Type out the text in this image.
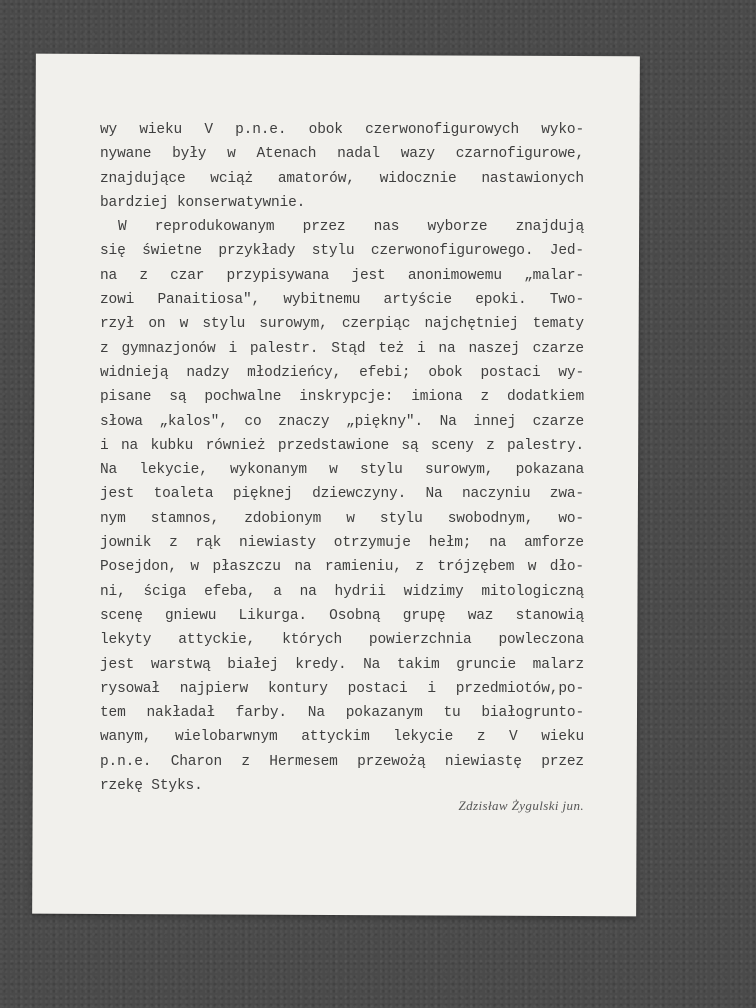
wy wieku V p.n.e. obok czerwonofigurowych wyko-
nywane były w Atenach nadal wazy czarnofigurowe,
znajdujące wciąż amatorów, widocznie nastawionych
bardziej konserwatywnie.
W reprodukowanym przez nas wyborze znajdują
się świetne przykłady stylu czerwonofigurowego. Jed-
na z czar przypisywana jest anonimowemu „malar-
zowi Panaitiosa", wybitnemu artyście epoki. Two-
rzył on w stylu surowym, czerpiąc najchętniej tematy
z gymnazjonów i palestr. Stąd też i na naszej czarze
widnieją nadzy młodzieńcy, efebi; obok postaci wy-
pisane są pochwalne inskrypcje: imiona z dodatkiem
słowa „kalos", co znaczy „piękny". Na innej czarze
i na kubku również przedstawione są sceny z palestry.
Na lekycie, wykonanym w stylu surowym, pokazana
jest toaleta pięknej dziewczyny. Na naczyniu zwa-
nym stamnos, zdobionym w stylu swobodnym, wo-
jownik z rąk niewiasty otrzymuje hełm; na amforze
Posejdon, w płaszczu na ramieniu, z trójzębem w dło-
ni, ściga efeba, a na hydrii widzimy mitologiczną
scenę gniewu Likurga. Osobną grupę waz stanowią
lekyty attyckie, których powierzchnia powleczona
jest warstwą białej kredy. Na takim gruncie malarz
rysował najpierw kontury postaci i przedmiotów,po-
tem nakładał farby. Na pokazanym tu białogruntо-
wanym, wielobarwnym attyckim lekycie z V wieku
p.n.e. Charon z Hermesem przewożą niewiastę przez
rzekę Styks.
Zdzisław Żygulski jun.
